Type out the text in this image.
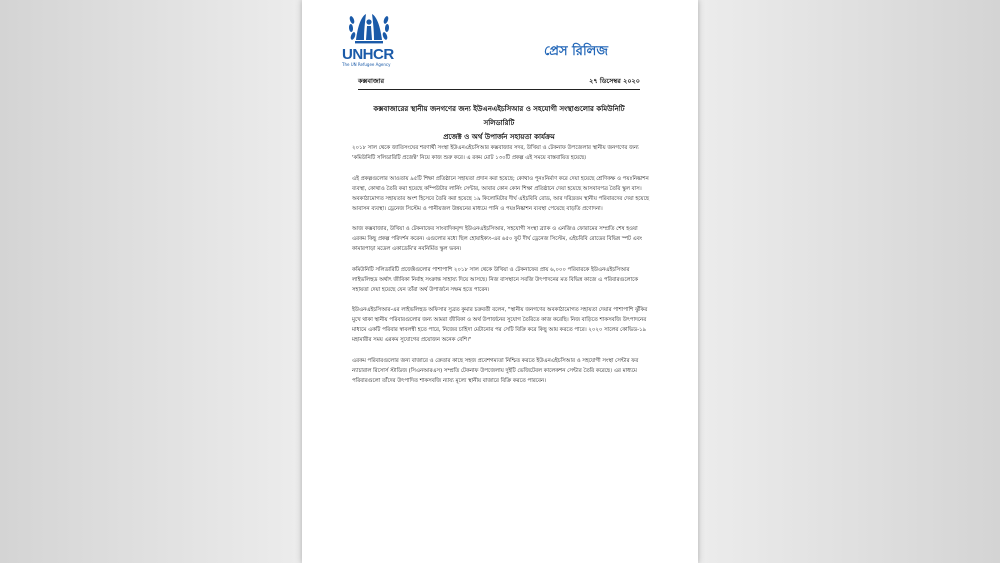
UNHCR
The UN Refugee Agency
প্রেস রিলিজ
কক্সবাজার	২৭ ডিসেম্বর ২০২০
কক্সবাজারের স্থানীয় জনগণের জন্য ইউএনএইচসিআর ও সহযোগী সংস্থাগুলোর কমিউনিটি সলিডারিটি
প্রজেক্ট ও অর্থ উপার্জন সহায়তা কার্যক্রম

২০১৮ সাল থেকে জাতিসংঘের শরণার্থী সংস্থা ইউএনএইচসিআর কক্সবাজার সদর, উখিয়া ও টেকনাফ উপজেলার স্থানীয় জনগণের জন্য 'কমিউনিটি সলিডারিটি প্রজেক্ট' নিয়ে কাজ শুরু করে। এ রকম মোট ১৩০টি প্রকল্প এই সময়ে বাস্তবায়িত হয়েছে।

এই প্রকল্পগুলোর আওতায় ৯৫টি শিক্ষা প্রতিষ্ঠানে সহায়তা প্রদান করা হয়েছে; কোথাও পুনঃনির্মাণ করে দেয়া হয়েছে শ্রেণিকক্ষ ও পয়ঃনিষ্কাশন ব্যবস্থা, কোথাও তৈরি করা হয়েছে কম্পিউটার লার্নিং সেন্টার, আবার কোন কোন শিক্ষা প্রতিষ্ঠানে দেয়া হয়েছে আসবাবপত্র তৈরি স্কুল বাস। অবকাঠামোগত সহায়তার অংশ হিসেবে তৈরি করা হয়েছে ১৯ কিলোমিটার দীর্ঘ এইচবিবি রোড, আর দরিদ্রতম স্থানীয় পরিবারদের দেয়া হয়েছে আবাসন ব্যবস্থা। ড্রেনেজ সিস্টেম ও পানীয়জল উন্নয়নের মাধ্যমে পানি ও পয়ঃনিষ্কাশন ব্যবস্থা পেয়েছে বাড়তি প্রণোদনা।

আজ কক্সবাজার, উখিয়া ও টেকনাফের সাংবাদিকবৃন্দ ইউএনএইচসিআর, সহযোগী সংস্থা ব্র্যাক ও এনজিও ফোরামের সম্প্রতি শেষ হওয়া এরকম কিছু প্রকল্প পরিদর্শন করেন। এগুলোর মধ্যে ছিল হোয়াইক্যং-এর ৬৫০ ফুট দীর্ঘ ড্রেনেজ সিস্টেম, এইচবিবি রোডের বিভিন্ন স্পট এবং কামারপাড়া মডেল একাডেমি'র নবনির্মিত স্কুল ভবন।

কমিউনিটি সলিডারিটি প্রজেক্টগুলোর পাশাপাশি ২০১৮ সাল থেকে উখিয়া ও টেকনাফের প্রায় ৬,০০০ পরিবারকে ইউএনএইচসিআর লাইভলিহুড অর্থাৎ জীবিকা নির্বাহ সংক্রান্ত সাহায্য দিয়ে আসছে। নিজ বাসস্থানে সবজি উৎপাদনের মত বিভিন্ন কাজে এ পরিবারগুলোকে সহায়তা দেয়া হয়েছে যেন তাঁরা অর্থ উপার্জনে সক্ষম হতে পারেন।

ইউএনএইচসিআর-এর লাইভলিহুড অফিসার সুব্রত কুমার চক্রবর্তী বলেন, "স্থানীয় জনগণের অবকাঠামোগত সহায়তা দেয়ার পাশাপাশি ঝুঁকির মুখে থাকা স্থানীয় পরিবারগুলোর জন্য আমরা জীবিকা ও অর্থ উপার্জনের সুযোগ তৈরিতে কাজ করেছি। নিজ বাড়িতে শাকসবজি উৎপাদনের মাধ্যমে একটি পরিবার স্বাবলম্বী হতে পারে, নিজের চাহিদা মেটানোর পর সেটি বিক্রি করে কিছু আয় করতে পারে। ২০২০ সালের কোভিড-১৯ মহামারীর সময় এরকম সুযোগের প্রয়োজন অনেক বেশি।"

এরকম পরিবারগুলোর জন্য বাজারে ও ক্রেতার কাছে সহজ প্রবেশগম্যতা নিশ্চিত করতে ইউএনএইচসিআর ও সহযোগী সংস্থা সেন্টার ফর ন্যাচারাল রিসোর্স স্টাডিজ (সিএনআরএস) সম্প্রতি টেকনাফ উপজেলায় দুইটি ভেজিটেবল কালেকশন সেন্টার তৈরি করেছে। এর মাধ্যমে পরিবারগুলো তাঁদের উৎপাদিত শাকসবজি ন্যায্য মূল্যে স্থানীয় বাজারে বিক্রি করতে পারবেন।
